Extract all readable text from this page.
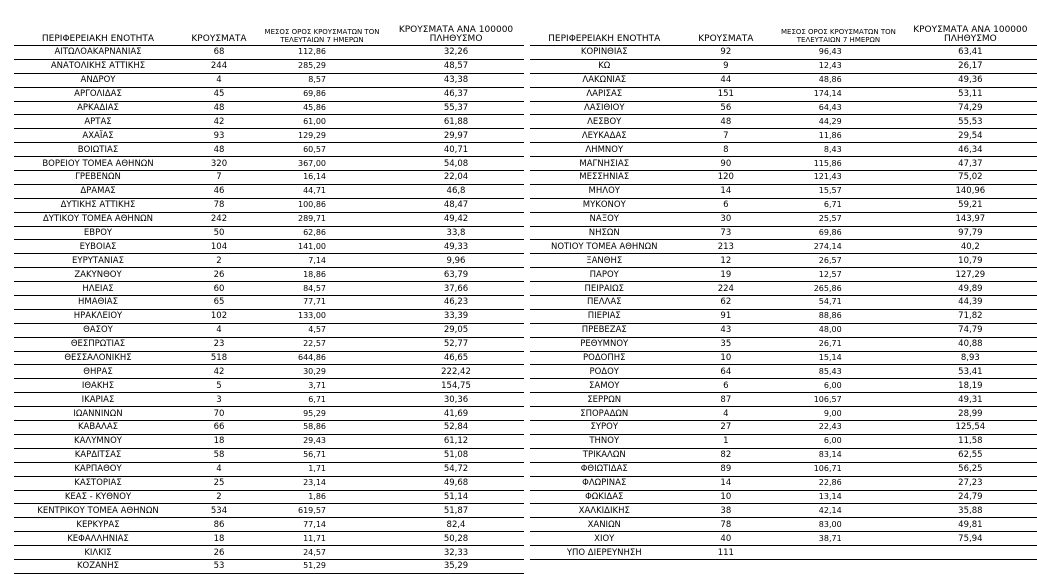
ΠΕΡΙΦΕΡΕΙΑΚΗ ΕΝΟΤΗΤΑ	ΚΡΟΥΣΜΑΤΑ	ΜΕΣΟΣ ΟΡΟΣ ΚΡΟΥΣΜΑΤΩΝ ΤΟΝ ΤΕΛΕΥΤΑΙΩΝ 7 ΗΜΕΡΩΝ	ΚΡΟΥΣΜΑΤΑ ΑΝΑ 100000 ΠΛΗΘΥΣΜΟ
ΑΙΤΩΛΟΑΚΑΡΝΑΝΙΑΣ	68	112,86	32,26
ΑΝΑΤΟΛΙΚΗΣ ΑΤΤΙΚΗΣ	244	285,29	48,57
ΑΝΔΡΟΥ	4	8,57	43,38
ΑΡΓΟΛΙΔΑΣ	45	69,86	46,37
ΑΡΚΑΔΙΑΣ	48	45,86	55,37
ΑΡΤΑΣ	42	61,00	61,88
ΑΧΑΪΑΣ	93	129,29	29,97
ΒΟΙΩΤΙΑΣ	48	60,57	40,71
ΒΟΡΕΙΟΥ ΤΟΜΕΑ ΑΘΗΝΩΝ	320	367,00	54,08
ΓΡΕΒΕΝΩΝ	7	16,14	22,04
ΔΡΑΜΑΣ	46	44,71	46,8
ΔΥΤΙΚΗΣ ΑΤΤΙΚΗΣ	78	100,86	48,47
ΔΥΤΙΚΟΥ ΤΟΜΕΑ ΑΘΗΝΩΝ	242	289,71	49,42
ΕΒΡΟΥ	50	62,86	33,8
ΕΥΒΟΙΑΣ	104	141,00	49,33
ΕΥΡΥΤΑΝΙΑΣ	2	7,14	9,96
ΖΑΚΥΝΘΟΥ	26	18,86	63,79
ΗΛΕΙΑΣ	60	84,57	37,66
ΗΜΑΘΙΑΣ	65	77,71	46,23
ΗΡΑΚΛΕΙΟΥ	102	133,00	33,39
ΘΑΣΟΥ	4	4,57	29,05
ΘΕΣΠΡΩΤΙΑΣ	23	22,57	52,77
ΘΕΣΣΑΛΟΝΙΚΗΣ	518	644,86	46,65
ΘΗΡΑΣ	42	30,29	222,42
ΙΘΑΚΗΣ	5	3,71	154,75
ΙΚΑΡΙΑΣ	3	6,71	30,36
ΙΩΑΝΝΙΝΩΝ	70	95,29	41,69
ΚΑΒΑΛΑΣ	66	58,86	52,84
ΚΑΛΥΜΝΟΥ	18	29,43	61,12
ΚΑΡΔΙΤΣΑΣ	58	56,71	51,08
ΚΑΡΠΑΘΟΥ	4	1,71	54,72
ΚΑΣΤΟΡΙΑΣ	25	23,14	49,68
ΚΕΑΣ - ΚΥΘΝΟΥ	2	1,86	51,14
ΚΕΝΤΡΙΚΟΥ ΤΟΜΕΑ ΑΘΗΝΩΝ	534	619,57	51,87
ΚΕΡΚΥΡΑΣ	86	77,14	82,4
ΚΕΦΑΛΛΗΝΙΑΣ	18	11,71	50,28
ΚΙΛΚΙΣ	26	24,57	32,33
ΚΟΖΑΝΗΣ	53	51,29	35,29
ΠΕΡΙΦΕΡΕΙΑΚΗ ΕΝΟΤΗΤΑ	ΚΡΟΥΣΜΑΤΑ	ΜΕΣΟΣ ΟΡΟΣ ΚΡΟΥΣΜΑΤΩΝ ΤΟΝ ΤΕΛΕΥΤΑΙΩΝ 7 ΗΜΕΡΩΝ	ΚΡΟΥΣΜΑΤΑ ΑΝΑ 100000 ΠΛΗΘΥΣΜΟ
ΚΟΡΙΝΘΙΑΣ	92	96,43	63,41
ΚΩ	9	12,43	26,17
ΛΑΚΩΝΙΑΣ	44	48,86	49,36
ΛΑΡΙΣΑΣ	151	174,14	53,11
ΛΑΣΙΘΙΟΥ	56	64,43	74,29
ΛΕΣΒΟΥ	48	44,29	55,53
ΛΕΥΚΑΔΑΣ	7	11,86	29,54
ΛΗΜΝΟΥ	8	8,43	46,34
ΜΑΓΝΗΣΙΑΣ	90	115,86	47,37
ΜΕΣΣΗΝΙΑΣ	120	121,43	75,02
ΜΗΛΟΥ	14	15,57	140,96
ΜΥΚΟΝΟΥ	6	6,71	59,21
ΝΑΞΟΥ	30	25,57	143,97
ΝΗΣΩΝ	73	69,86	97,79
ΝΟΤΙΟΥ ΤΟΜΕΑ ΑΘΗΝΩΝ	213	274,14	40,2
ΞΑΝΘΗΣ	12	26,57	10,79
ΠΑΡΟΥ	19	12,57	127,29
ΠΕΙΡΑΙΩΣ	224	265,86	49,89
ΠΕΛΛΑΣ	62	54,71	44,39
ΠΙΕΡΙΑΣ	91	88,86	71,82
ΠΡΕΒΕΖΑΣ	43	48,00	74,79
ΡΕΘΥΜΝΟΥ	35	26,71	40,88
ΡΟΔΟΠΗΣ	10	15,14	8,93
ΡΟΔΟΥ	64	85,43	53,41
ΣΑΜΟΥ	6	6,00	18,19
ΣΕΡΡΩΝ	87	106,57	49,31
ΣΠΟΡΑΔΩΝ	4	9,00	28,99
ΣΥΡΟΥ	27	22,43	125,54
ΤΗΝΟΥ	1	6,00	11,58
ΤΡΙΚΑΛΩΝ	82	83,14	62,55
ΦΘΙΩΤΙΔΑΣ	89	106,71	56,25
ΦΛΩΡΙΝΑΣ	14	22,86	27,23
ΦΩΚΙΔΑΣ	10	13,14	24,79
ΧΑΛΚΙΔΙΚΗΣ	38	42,14	35,88
ΧΑΝΙΩΝ	78	83,00	49,81
ΧΙΟΥ	40	38,71	75,94
ΥΠΟ ΔΙΕΡΕΥΝΗΣΗ	111		
